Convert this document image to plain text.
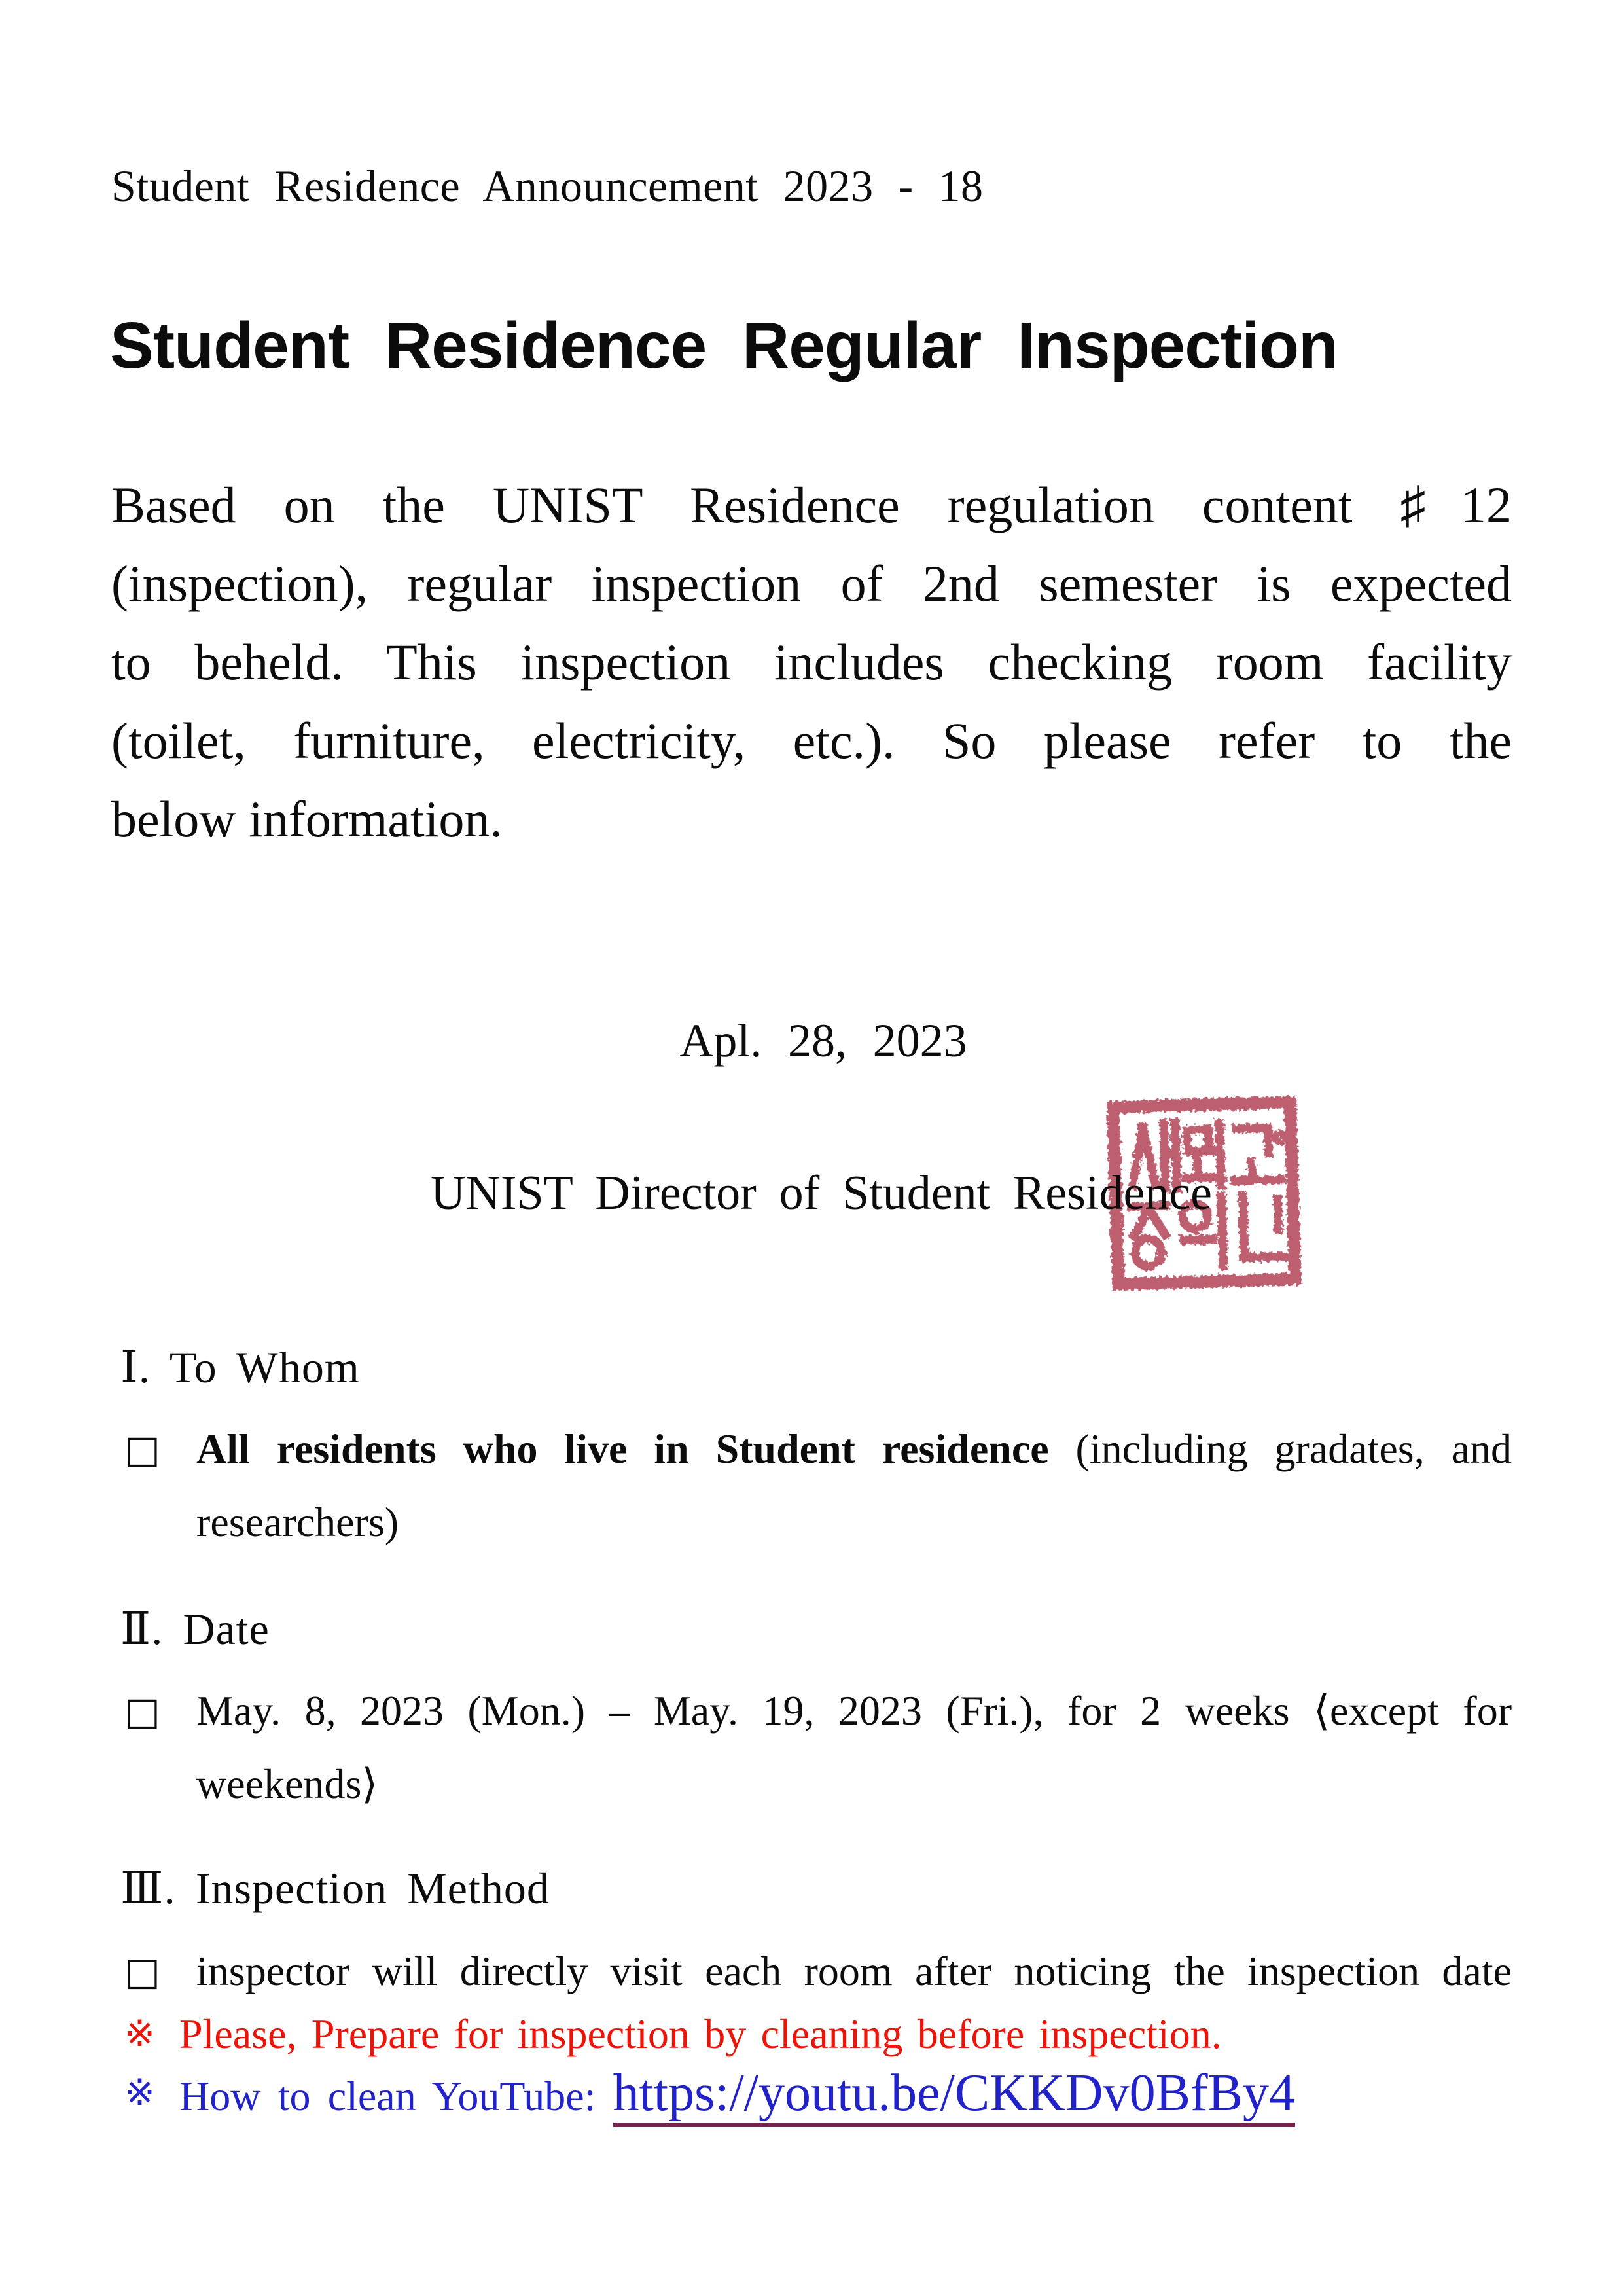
Student Residence Announcement 2023 - 18
Student Residence Regular Inspection
Based on the UNIST Residence regulation content ♯12
(inspection), regular inspection of 2nd semester is expected
to beheld. This inspection includes checking room facility
(toilet, furniture, electricity, etc.). So please refer to the
below information.
Apl. 28, 2023
UNIST Director of Student Residence
Ⅰ. To Whom
□ All residents who live in Student residence (including gradates, and researchers)
Ⅱ. Date
□ May. 8, 2023 (Mon.) – May. 19, 2023 (Fri.), for 2 weeks ⟨except for weekends⟩
Ⅲ. Inspection Method
□ inspector will directly visit each room after noticing the inspection date
※ Please, Prepare for inspection by cleaning before inspection.
※ How to clean YouTube: https://youtu.be/CKKDv0BfBy4
